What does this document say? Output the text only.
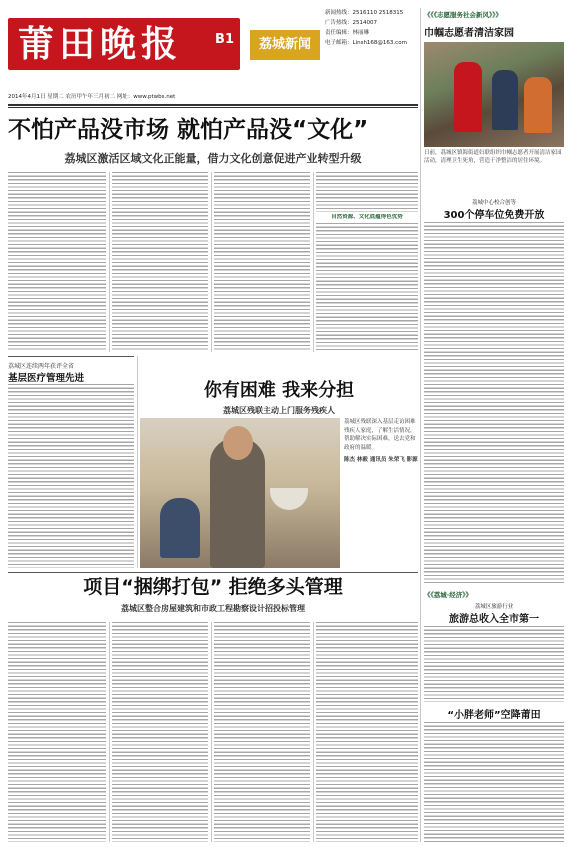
莆田晚报	B1	荔城新闻
新闻热线：2516110 2518315
广告热线：2514007
责任编辑：林丽琳
电子邮箱：Linsh168@163.com
2014年4月1日 星期二 农历甲午年三月初二 网址：www.ptwbs.net
不怕产品没市场 就怕产品没“文化”
荔城区激活区域文化正能量，借力文化创意促进产业转型升级
自然资源、文化底蕴得色优势
荔城区连续两年获评全省
基层医疗管理先进
你有困难 我来分担
荔城区残联主动上门服务残疾人
荔城区残联深入基层走访困难残疾人家庭，了解生活情况，帮助解决实际困难，送去党和政府的温暖。
陈杰 林毅 通讯员 朱荣飞 影源
项目“捆绑打包” 拒绝多头管理
荔城区整合房屋建筑和市政工程勘察设计招投标管理
《《《志愿服务社会新风》》》
巾帼志愿者清洁家园
日前，荔城区镇海街道妇联组织巾帼志愿者开展清洁家园活动，清理卫生死角，营造干净整洁的居住环境。
荔城中心校合创等
300个停车位免费开放
《《荔城·经济》》
荔城区旅游行业
旅游总收入全市第一
“小胖老师”空降莆田
